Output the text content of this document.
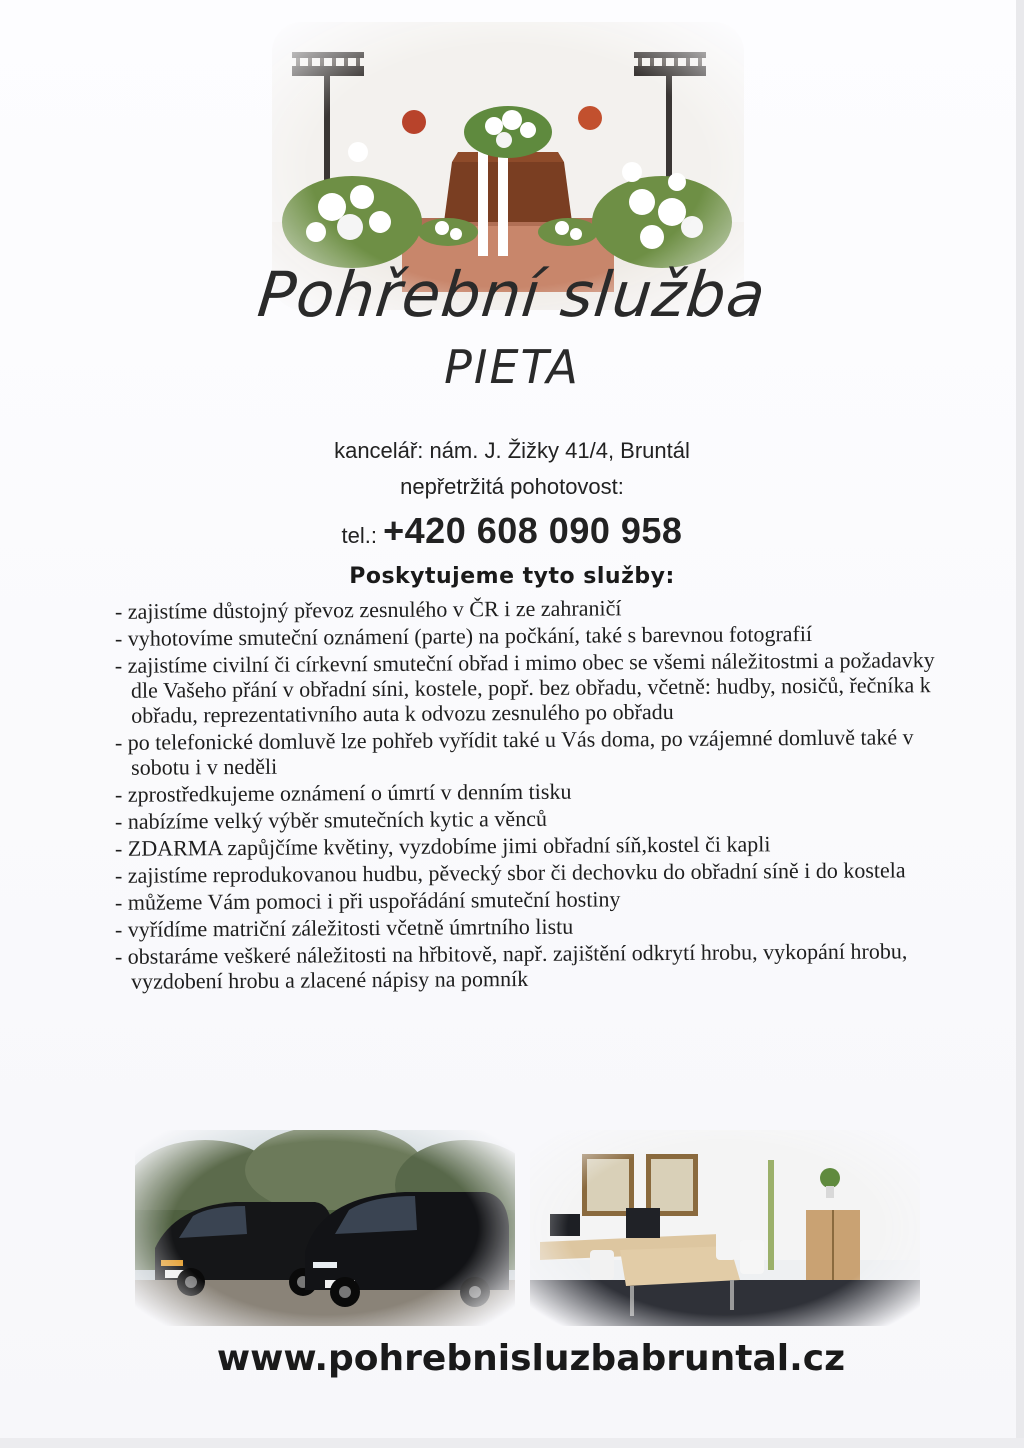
Pohřební služba
PIETA
kancelář: nám. J. Žižky 41/4, Bruntál
nepřetržitá pohotovost:
tel.: +420 608 090 958
Poskytujeme tyto služby:
- zajistíme důstojný převoz zesnulého v ČR i ze zahraničí
- vyhotovíme smuteční oznámení (parte) na počkání, také s barevnou fotografií
- zajistíme civilní či církevní smuteční obřad i mimo obec se všemi náležitostmi a požadavky dle Vašeho přání v obřadní síni, kostele, popř. bez obřadu, včetně: hudby, nosičů, řečníka k obřadu, reprezentativního auta k odvozu zesnulého po obřadu
- po telefonické domluvě lze pohřeb vyřídit také u Vás doma, po vzájemné domluvě také v sobotu i v neděli
- zprostředkujeme oznámení o úmrtí v denním tisku
- nabízíme velký výběr smutečních kytic a věnců
- ZDARMA zapůjčíme květiny, vyzdobíme jimi obřadní síň,kostel či kapli
- zajistíme reprodukovanou hudbu, pěvecký sbor či dechovku do obřadní síně i do kostela
- můžeme Vám pomoci i při uspořádání smuteční hostiny
- vyřídíme matriční záležitosti včetně úmrtního listu
- obstaráme veškeré náležitosti na hřbitově, např. zajištění odkrytí hrobu, vykopání hrobu, vyzdobení hrobu a zlacené nápisy na pomník
www.pohrebnisluzbabruntal.cz
